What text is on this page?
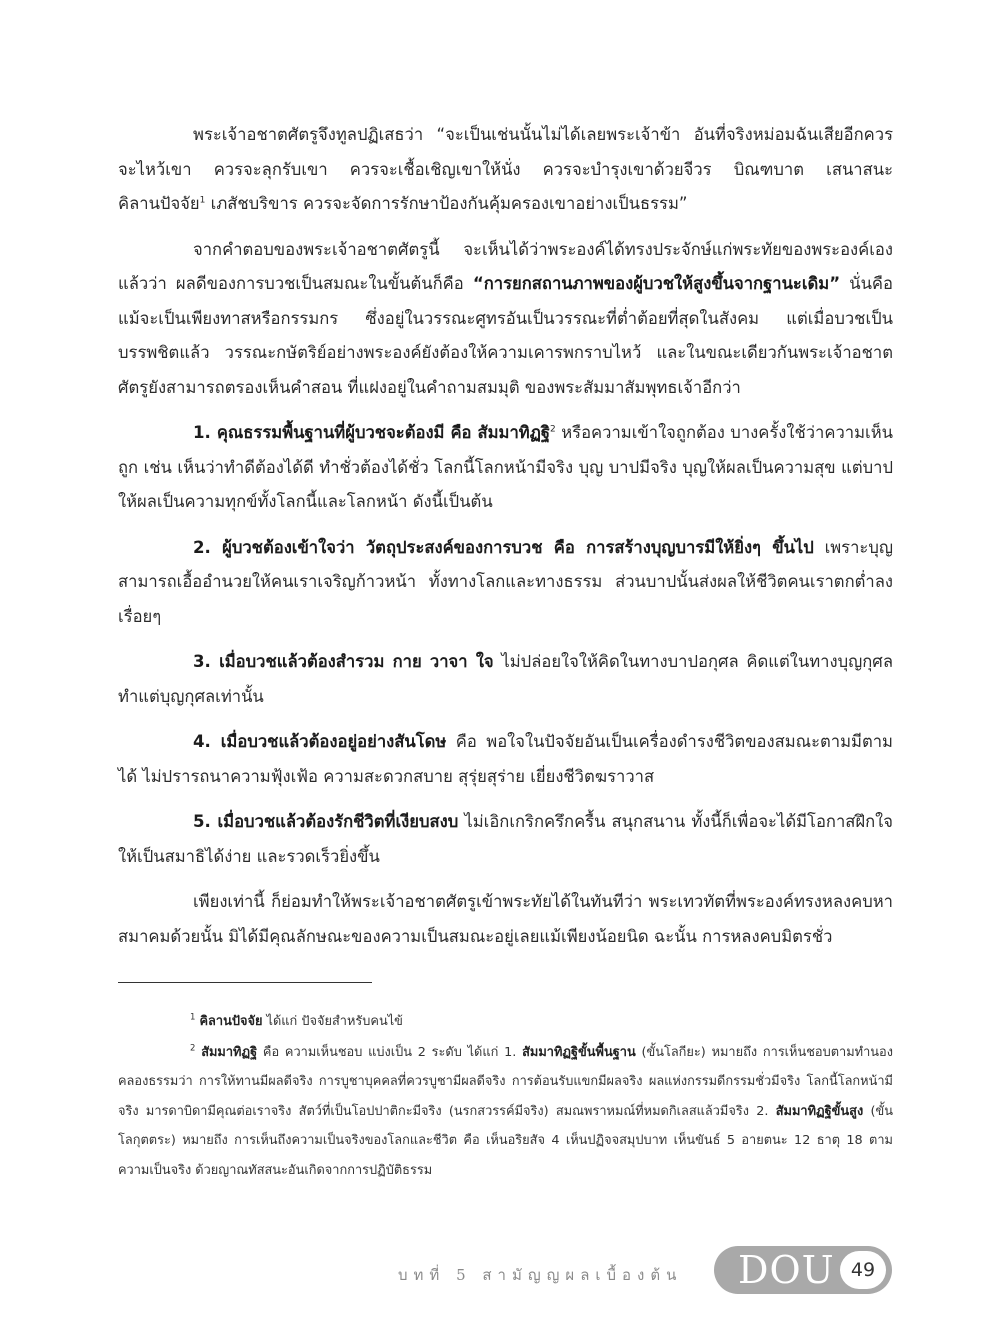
พระเจ้าอชาตศัตรูจึงทูลปฏิเสธว่า “จะเป็นเช่นนั้นไม่ได้เลยพระเจ้าข้า อันที่จริงหม่อมฉันเสียอีกควรจะไหว้เขา ควรจะลุกรับเขา ควรจะเชื้อเชิญเขาให้นั่ง ควรจะบำรุงเขาด้วยจีวร บิณฑบาต เสนาสนะ คิลานปัจจัย$^1$ เภสัชบริขาร ควรจะจัดการรักษาป้องกันคุ้มครองเขาอย่างเป็นธรรม”

จากคำตอบของพระเจ้าอชาตศัตรูนี้ จะเห็นได้ว่าพระองค์ได้ทรงประจักษ์แก่พระทัยของพระองค์เองแล้วว่า ผลดีของการบวชเป็นสมณะในขั้นต้นก็คือ “การยกสถานภาพของผู้บวชให้สูงขึ้นจากฐานะเดิม” นั่นคือ แม้จะเป็นเพียงทาสหรือกรรมกร ซึ่งอยู่ในวรรณะศูทรอันเป็นวรรณะที่ต่ำต้อยที่สุดในสังคม แต่เมื่อบวชเป็นบรรพชิตแล้ว วรรณะกษัตริย์อย่างพระองค์ยังต้องให้ความเคารพกราบไหว้ และในขณะเดียวกันพระเจ้าอชาตศัตรูยังสามารถตรองเห็นคำสอน ที่แฝงอยู่ในคำถามสมมุติ ของพระสัมมาสัมพุทธเจ้าอีกว่า

1. คุณธรรมพื้นฐานที่ผู้บวชจะต้องมี คือ สัมมาทิฏฐิ$^2$ หรือความเข้าใจถูกต้อง บางครั้งใช้ว่าความเห็นถูก เช่น เห็นว่าทำดีต้องได้ดี ทำชั่วต้องได้ชั่ว โลกนี้โลกหน้ามีจริง บุญ บาปมีจริง บุญให้ผลเป็นความสุข แต่บาปให้ผลเป็นความทุกข์ทั้งโลกนี้และโลกหน้า ดังนี้เป็นต้น

2. ผู้บวชต้องเข้าใจว่า วัตถุประสงค์ของการบวช คือ การสร้างบุญบารมีให้ยิ่งๆ ขึ้นไป เพราะบุญสามารถเอื้ออำนวยให้คนเราเจริญก้าวหน้า ทั้งทางโลกและทางธรรม ส่วนบาปนั้นส่งผลให้ชีวิตคนเราตกต่ำลงเรื่อยๆ

3. เมื่อบวชแล้วต้องสำรวม กาย วาจา ใจ ไม่ปล่อยใจให้คิดในทางบาปอกุศล คิดแต่ในทางบุญกุศล ทำแต่บุญกุศลเท่านั้น

4. เมื่อบวชแล้วต้องอยู่อย่างสันโดษ คือ พอใจในปัจจัยอันเป็นเครื่องดำรงชีวิตของสมณะตามมีตามได้ ไม่ปรารถนาความฟุ้งเฟ้อ ความสะดวกสบาย สุรุ่ยสุร่าย เยี่ยงชีวิตฆราวาส

5. เมื่อบวชแล้วต้องรักชีวิตที่เงียบสงบ ไม่เอิกเกริกครึกครื้น สนุกสนาน ทั้งนี้ก็เพื่อจะได้มีโอกาสฝึกใจให้เป็นสมาธิได้ง่าย และรวดเร็วยิ่งขึ้น

เพียงเท่านี้ ก็ย่อมทำให้พระเจ้าอชาตศัตรูเข้าพระทัยได้ในทันทีว่า พระเทวทัตที่พระองค์ทรงหลงคบหาสมาคมด้วยนั้น มิได้มีคุณลักษณะของความเป็นสมณะอยู่เลยแม้เพียงน้อยนิด ฉะนั้น การหลงคบมิตรชั่ว

$^1$ คิลานปัจจัย ได้แก่ ปัจจัยสำหรับคนไข้

$^2$ สัมมาทิฏฐิ คือ ความเห็นชอบ แบ่งเป็น 2 ระดับ ได้แก่ 1. สัมมาทิฏฐิขั้นพื้นฐาน (ขั้นโลกียะ) หมายถึง การเห็นชอบตามทำนองคลองธรรมว่า การให้ทานมีผลดีจริง การบูชาบุคคลที่ควรบูชามีผลดีจริง การต้อนรับแขกมีผลจริง ผลแห่งกรรมดีกรรมชั่วมีจริง โลกนี้โลกหน้ามีจริง มารดาบิดามีคุณต่อเราจริง สัตว์ที่เป็นโอปปาติกะมีจริง (นรกสวรรค์มีจริง) สมณพราหมณ์ที่หมดกิเลสแล้วมีจริง 2. สัมมาทิฏฐิขั้นสูง (ขั้นโลกุตตระ) หมายถึง การเห็นถึงความเป็นจริงของโลกและชีวิต คือ เห็นอริยสัจ 4 เห็นปฏิจจสมุปบาท เห็นขันธ์ 5 อายตนะ 12 ธาตุ 18 ตามความเป็นจริง ด้วยญาณทัสสนะอันเกิดจากการปฏิบัติธรรม

บทที่ 5 สามัญญผลเบื้องต้น DOU 49
